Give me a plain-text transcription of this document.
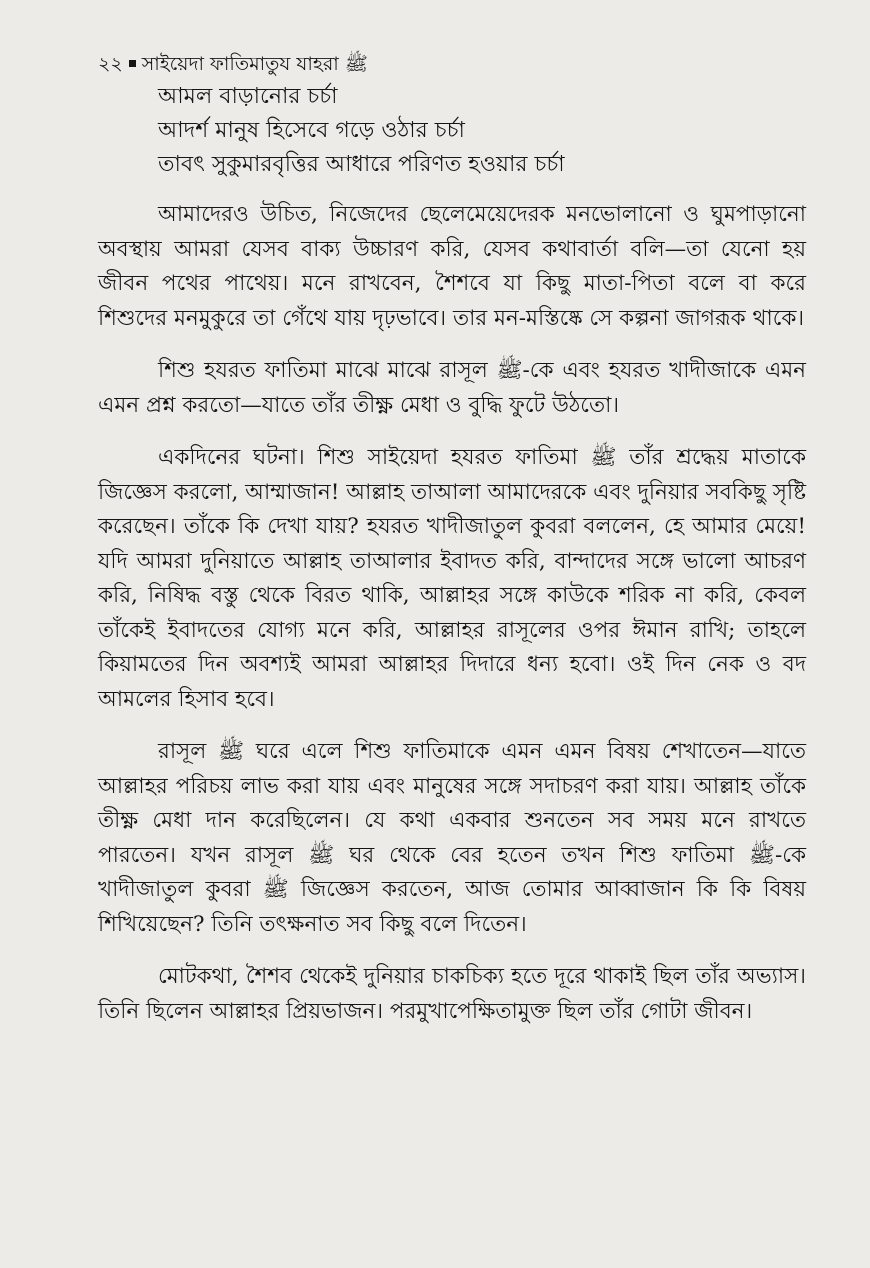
২২ সাইয়েদা ফাতিমাতুয যাহরা ﷺ
আমল বাড়ানোর চর্চা
আদর্শ মানুষ হিসেবে গড়ে ওঠার চর্চা
তাবৎ সুকুমারবৃত্তির আধারে পরিণত হওয়ার চর্চা

আমাদেরও উচিত, নিজেদের ছেলেমেয়েদেরক মনভোলানো ও ঘুমপাড়ানো অবস্থায় আমরা যেসব বাক্য উচ্চারণ করি, যেসব কথাবার্তা বলি—তা যেনো হয় জীবন পথের পাথেয়। মনে রাখবেন, শৈশবে যা কিছু মাতা-পিতা বলে বা করে শিশুদের মনমুকুরে তা গেঁথে যায় দৃঢ়ভাবে। তার মন-মস্তিষ্কে সে কল্পনা জাগরূক থাকে।

শিশু হযরত ফাতিমা মাঝে মাঝে রাসূল ﷺ-কে এবং হযরত খাদীজাকে এমন এমন প্রশ্ন করতো—যাতে তাঁর তীক্ষ্ণ মেধা ও বুদ্ধি ফুটে উঠতো।

একদিনের ঘটনা। শিশু সাইয়েদা হযরত ফাতিমা ﷺ তাঁর শ্রদ্ধেয় মাতাকে জিজ্ঞেস করলো, আম্মাজান! আল্লাহ তাআলা আমাদেরকে এবং দুনিয়ার সবকিছু সৃষ্টি করেছেন। তাঁকে কি দেখা যায়? হযরত খাদীজাতুল কুবরা বললেন, হে আমার মেয়ে! যদি আমরা দুনিয়াতে আল্লাহ তাআলার ইবাদত করি, বান্দাদের সঙ্গে ভালো আচরণ করি, নিষিদ্ধ বস্তু থেকে বিরত থাকি, আল্লাহর সঙ্গে কাউকে শরিক না করি, কেবল তাঁকেই ইবাদতের যোগ্য মনে করি, আল্লাহর রাসূলের ওপর ঈমান রাখি; তাহলে কিয়ামতের দিন অবশ্যই আমরা আল্লাহর দিদারে ধন্য হবো। ওই দিন নেক ও বদ আমলের হিসাব হবে।

রাসূল ﷺ ঘরে এলে শিশু ফাতিমাকে এমন এমন বিষয় শেখাতেন—যাতে আল্লাহর পরিচয় লাভ করা যায় এবং মানুষের সঙ্গে সদাচরণ করা যায়। আল্লাহ তাঁকে তীক্ষ্ণ মেধা দান করেছিলেন। যে কথা একবার শুনতেন সব সময় মনে রাখতে পারতেন। যখন রাসূল ﷺ ঘর থেকে বের হতেন তখন শিশু ফাতিমা ﷺ-কে খাদীজাতুল কুবরা ﷺ জিজ্ঞেস করতেন, আজ তোমার আব্বাজান কি কি বিষয় শিখিয়েছেন? তিনি তৎক্ষনাত সব কিছু বলে দিতেন।

মোটকথা, শৈশব থেকেই দুনিয়ার চাকচিক্য হতে দূরে থাকাই ছিল তাঁর অভ্যাস। তিনি ছিলেন আল্লাহর প্রিয়ভাজন। পরমুখাপেক্ষিতামুক্ত ছিল তাঁর গোটা জীবন।
